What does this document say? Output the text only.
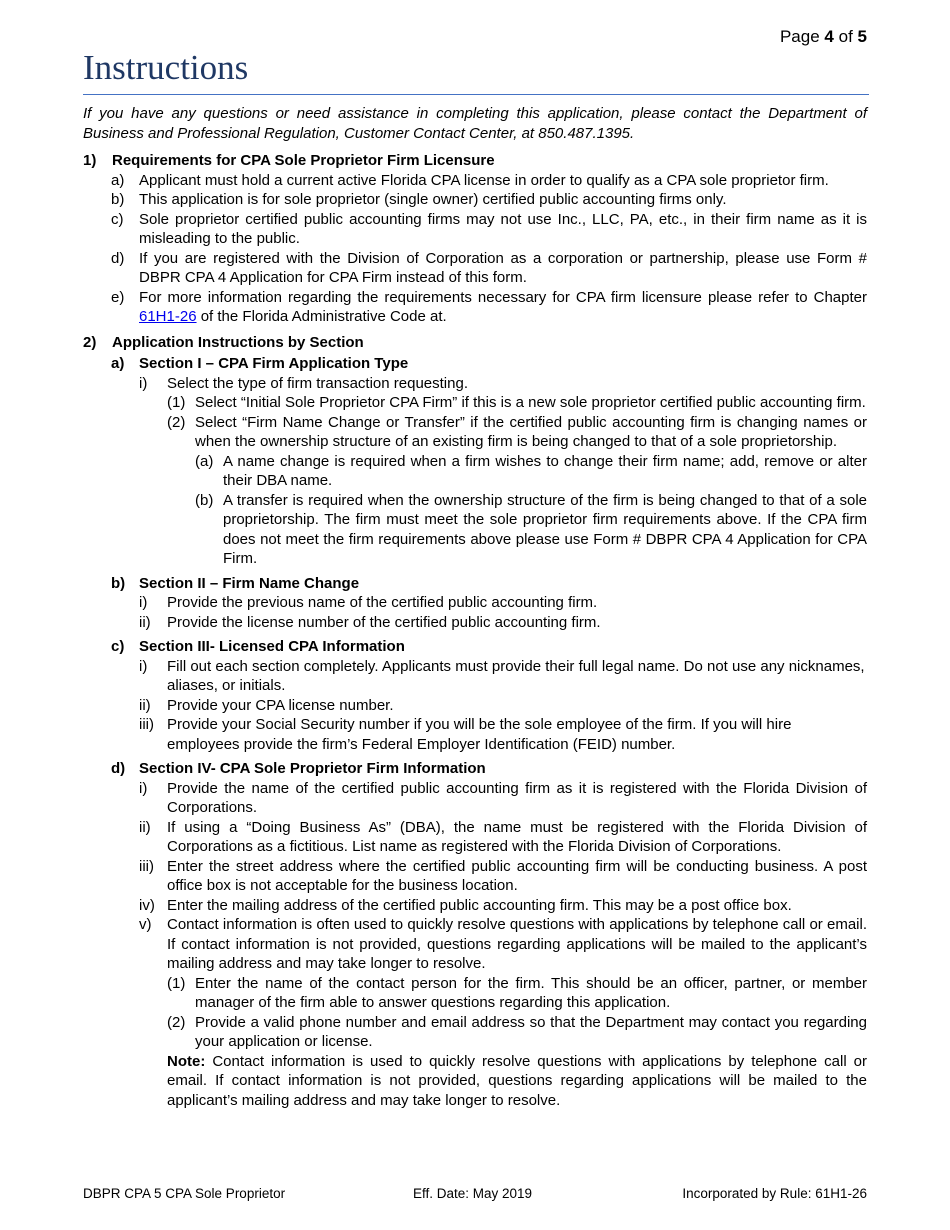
Page 4 of 5
Instructions

If you have any questions or need assistance in completing this application, please contact the Department of Business and Professional Regulation, Customer Contact Center, at 850.487.1395.

1) Requirements for CPA Sole Proprietor Firm Licensure
a) Applicant must hold a current active Florida CPA license in order to qualify as a CPA sole proprietor firm.
b) This application is for sole proprietor (single owner) certified public accounting firms only.
c) Sole proprietor certified public accounting firms may not use Inc., LLC, PA, etc., in their firm name as it is misleading to the public.
d) If you are registered with the Division of Corporation as a corporation or partnership, please use Form # DBPR CPA 4 Application for CPA Firm instead of this form.
e) For more information regarding the requirements necessary for CPA firm licensure please refer to Chapter 61H1-26 of the Florida Administrative Code at.
2) Application Instructions by Section
a) Section I – CPA Firm Application Type
i) Select the type of firm transaction requesting.
(1) Select “Initial Sole Proprietor CPA Firm” if this is a new sole proprietor certified public accounting firm.
(2) Select “Firm Name Change or Transfer” if the certified public accounting firm is changing names or when the ownership structure of an existing firm is being changed to that of a sole proprietorship.
(a) A name change is required when a firm wishes to change their firm name; add, remove or alter their DBA name.
(b) A transfer is required when the ownership structure of the firm is being changed to that of a sole proprietorship. The firm must meet the sole proprietor firm requirements above. If the CPA firm does not meet the firm requirements above please use Form # DBPR CPA 4 Application for CPA Firm.
b) Section II – Firm Name Change
i) Provide the previous name of the certified public accounting firm.
ii) Provide the license number of the certified public accounting firm.
c) Section III- Licensed CPA Information
i) Fill out each section completely. Applicants must provide their full legal name. Do not use any nicknames, aliases, or initials.
ii) Provide your CPA license number.
iii) Provide your Social Security number if you will be the sole employee of the firm. If you will hire employees provide the firm’s Federal Employer Identification (FEID) number.
d) Section IV- CPA Sole Proprietor Firm Information
i) Provide the name of the certified public accounting firm as it is registered with the Florida Division of Corporations.
ii) If using a “Doing Business As” (DBA), the name must be registered with the Florida Division of Corporations as a fictitious. List name as registered with the Florida Division of Corporations.
iii) Enter the street address where the certified public accounting firm will be conducting business. A post office box is not acceptable for the business location.
iv) Enter the mailing address of the certified public accounting firm. This may be a post office box.
v) Contact information is often used to quickly resolve questions with applications by telephone call or email. If contact information is not provided, questions regarding applications will be mailed to the applicant’s mailing address and may take longer to resolve.
(1) Enter the name of the contact person for the firm. This should be an officer, partner, or member manager of the firm able to answer questions regarding this application.
(2) Provide a valid phone number and email address so that the Department may contact you regarding your application or license.
Note: Contact information is used to quickly resolve questions with applications by telephone call or email. If contact information is not provided, questions regarding applications will be mailed to the applicant’s mailing address and may take longer to resolve.
DBPR CPA 5 CPA Sole Proprietor	Eff. Date: May 2019	Incorporated by Rule: 61H1-26
